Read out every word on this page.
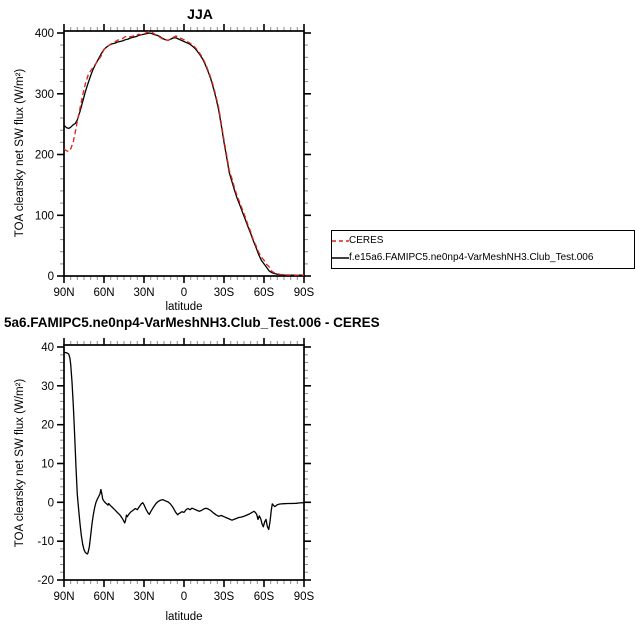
90N 60N 30N 0 30S 60S 90S
0
100
200
300
400
90N 60N 30N 0 30S 60S 90S
-20
-10
0
10
20
30
40
JJA
TOA clearsky net SW flux (W/m²)
latitude
CERES
f.e15a6.FAMIPC5.ne0np4-VarMeshNH3.Club_Test.006
5a6.FAMIPC5.ne0np4-VarMeshNH3.Club_Test.006 - CERES
TOA clearsky net SW flux (W/m²)
latitude
